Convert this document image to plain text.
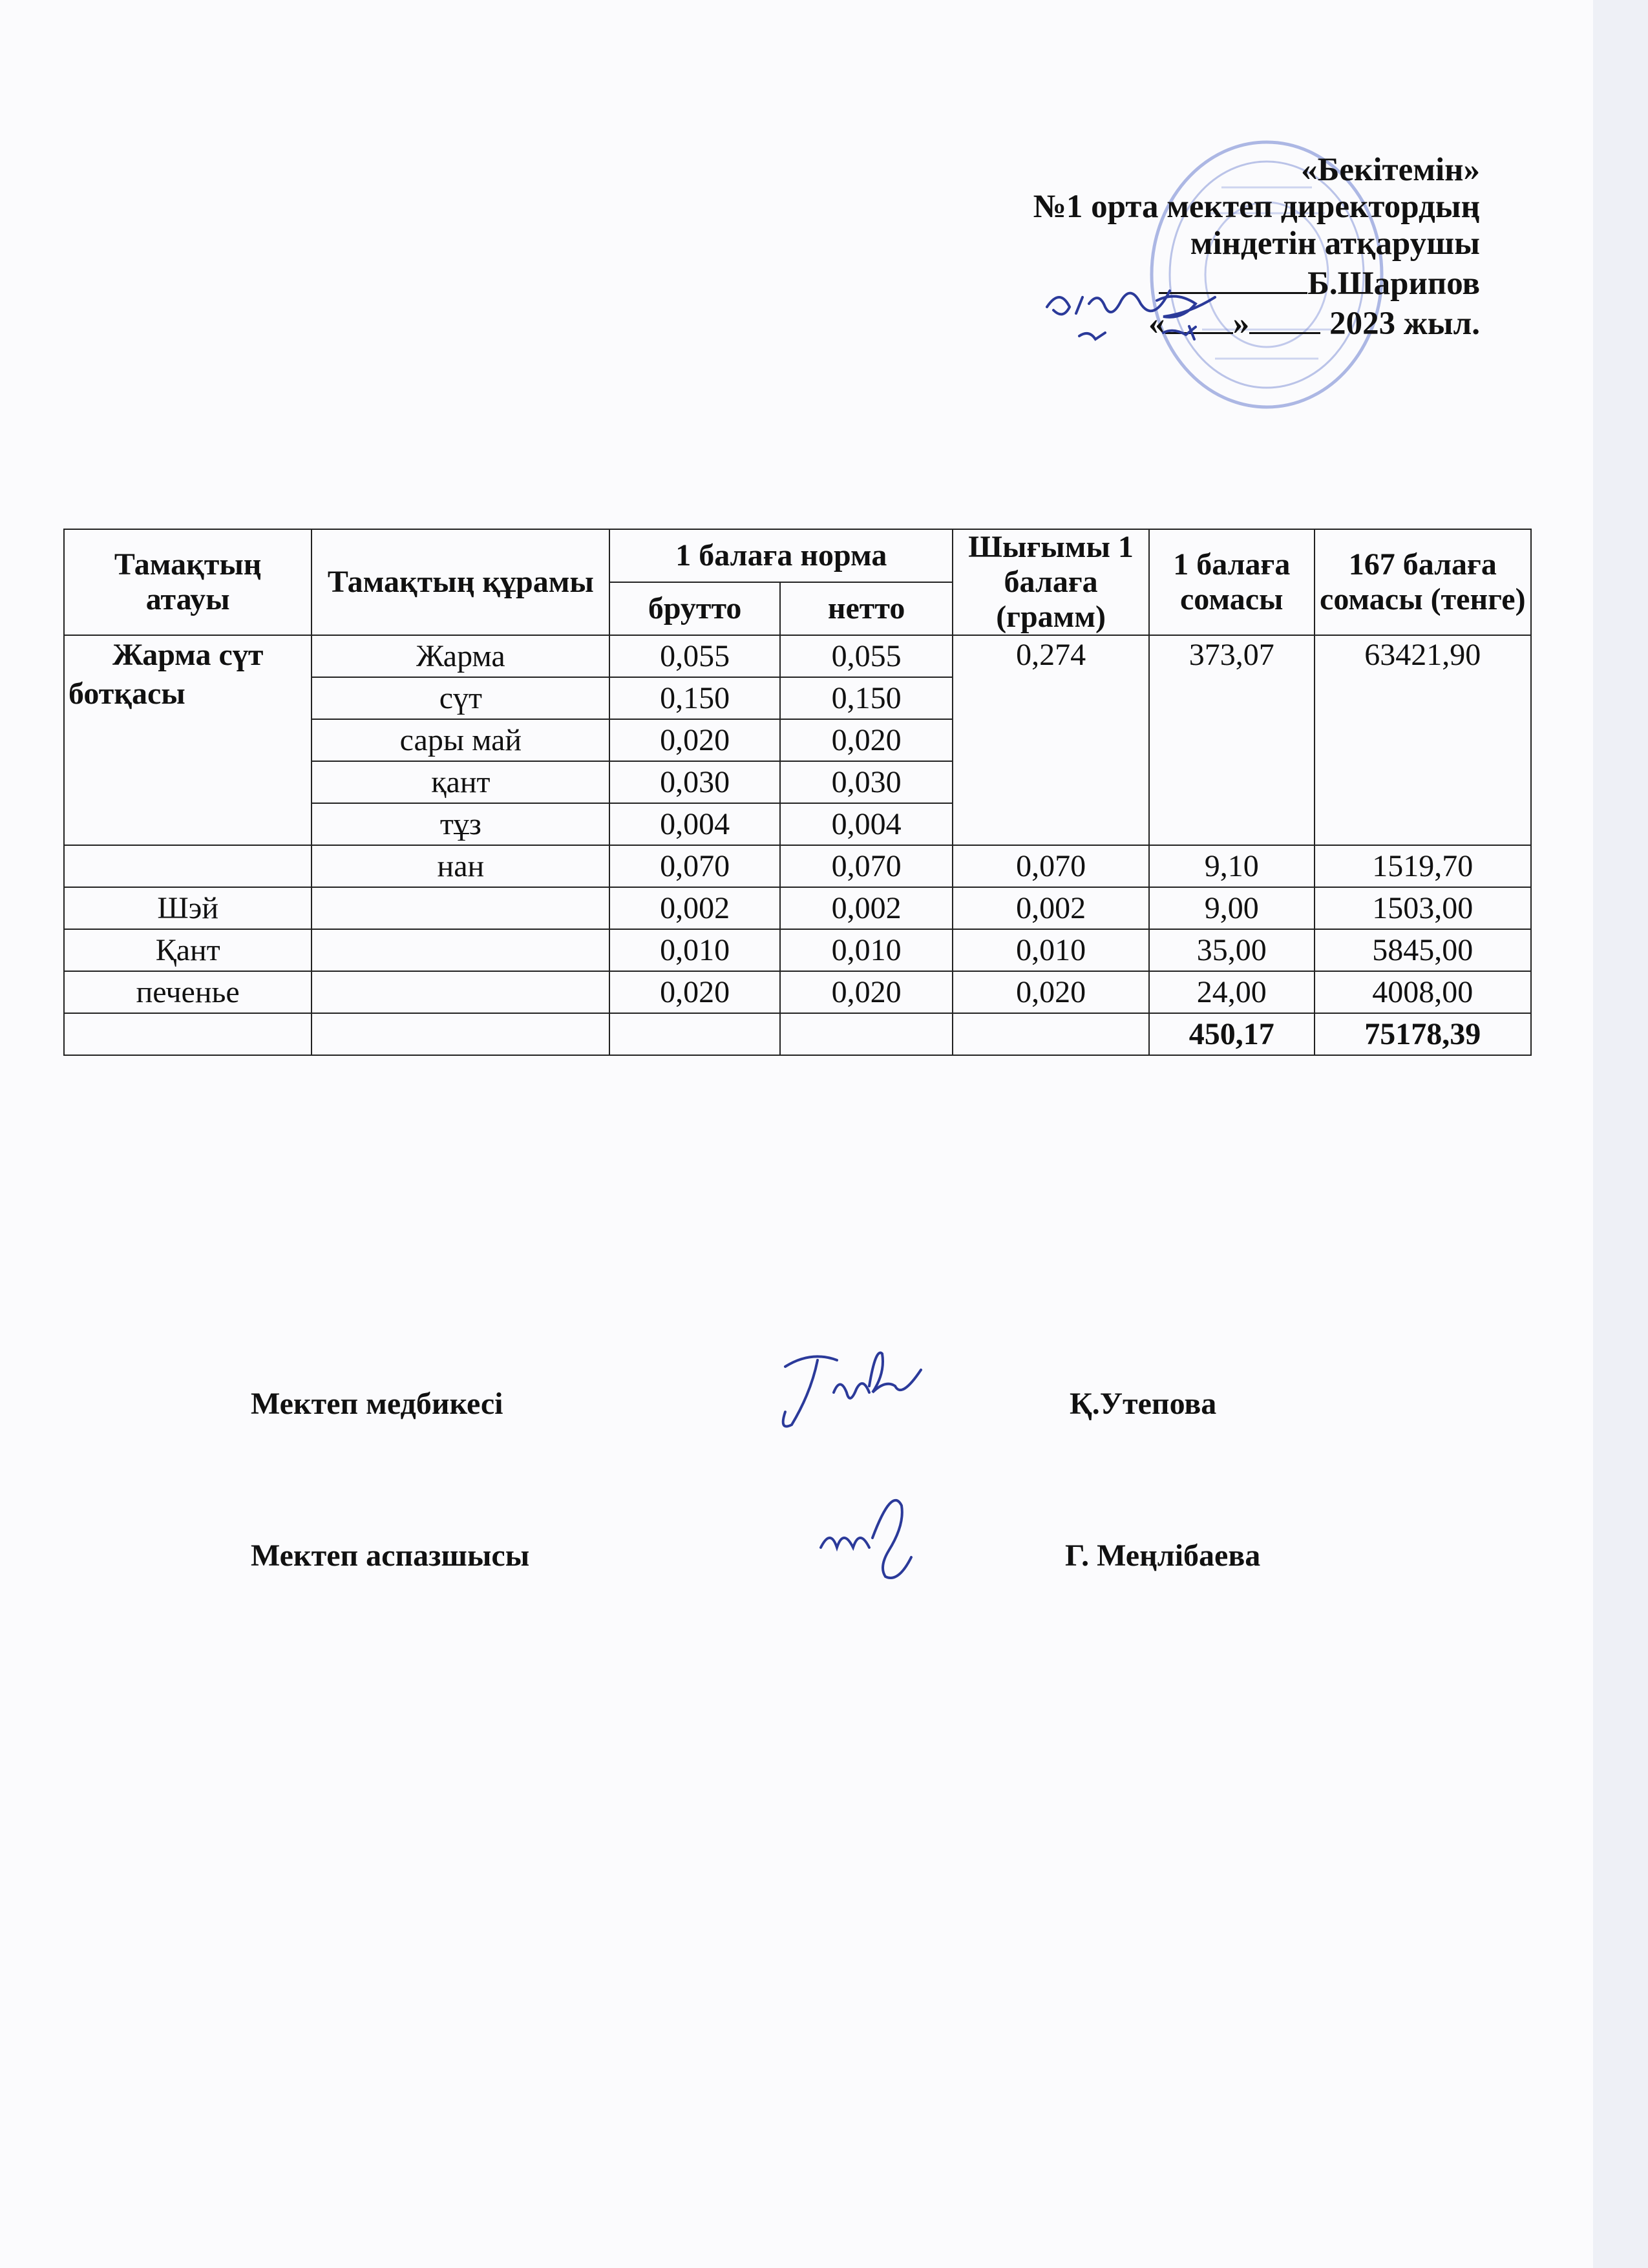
«Бекітемін»
№1 орта мектеп директордың
міндетін атқарушы
Б.Шарипов
« » 2023 жыл.
Тамақтың атауы	Тамақтың құрамы	1 балаға норма		Шығымы 1 балаға (грамм)	1 балаға сомасы	167 балаға сомасы (тенге)
		брутто	нетто			
Жарма сүт ботқасы	Жарма	0,055	0,055	0,274	373,07	63421,90
	сүт	0,150	0,150			
	сары май	0,020	0,020			
	қант	0,030	0,030			
	тұз	0,004	0,004			
	нан	0,070	0,070	0,070	9,10	1519,70
Шэй		0,002	0,002	0,002	9,00	1503,00
Қант		0,010	0,010	0,010	35,00	5845,00
печенье		0,020	0,020	0,020	24,00	4008,00
					450,17	75178,39
Мектеп медбикесі	Қ.Утепова
Мектеп аспазшысы	Г. Меңлібаева
